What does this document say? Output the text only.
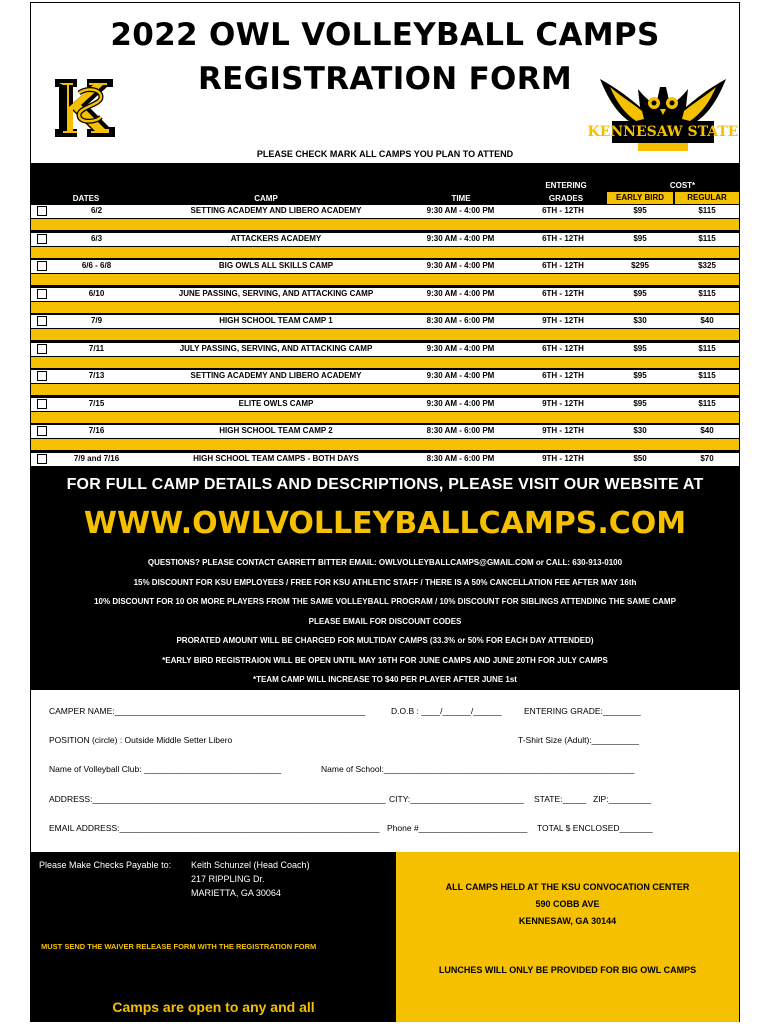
2022 OWL VOLLEYBALL CAMPS
REGISTRATION FORM
KENNESAW STATE
PLEASE CHECK MARK ALL CAMPS YOU PLAN TO ATTEND
ENTERING	COST*
DATES	CAMP	TIME	GRADES	EARLY BIRD	REGULAR
6/2	SETTING ACADEMY AND LIBERO ACADEMY	9:30 AM - 4:00 PM	6TH - 12TH	$95	$115
6/3	ATTACKERS ACADEMY	9:30 AM - 4:00 PM	6TH - 12TH	$95	$115
6/6 - 6/8	BIG OWLS ALL SKILLS CAMP	9:30 AM - 4:00 PM	6TH - 12TH	$295	$325
6/10	JUNE PASSING, SERVING, AND ATTACKING CAMP	9:30 AM - 4:00 PM	6TH - 12TH	$95	$115
7/9	HIGH SCHOOL TEAM CAMP 1	8:30 AM - 6:00 PM	9TH - 12TH	$30	$40
7/11	JULY PASSING, SERVING, AND ATTACKING CAMP	9:30 AM - 4:00 PM	6TH - 12TH	$95	$115
7/13	SETTING ACADEMY AND LIBERO ACADEMY	9:30 AM - 4:00 PM	6TH - 12TH	$95	$115
7/15	ELITE OWLS CAMP	9:30 AM - 4:00 PM	9TH - 12TH	$95	$115
7/16	HIGH SCHOOL TEAM CAMP 2	8:30 AM - 6:00 PM	9TH - 12TH	$30	$40
7/9 and 7/16	HIGH SCHOOL TEAM CAMPS - BOTH DAYS	8:30 AM - 6:00 PM	9TH - 12TH	$50	$70
FOR FULL CAMP DETAILS AND DESCRIPTIONS, PLEASE VISIT OUR WEBSITE AT
WWW.OWLVOLLEYBALLCAMPS.COM
QUESTIONS? PLEASE CONTACT GARRETT BITTER EMAIL: OWLVOLLEYBALLCAMPS@GMAIL.COM or CALL: 630-913-0100
15% DISCOUNT FOR KSU EMPLOYEES / FREE FOR KSU ATHLETIC STAFF / THERE IS A 50% CANCELLATION FEE AFTER MAY 16th
10% DISCOUNT FOR 10 OR MORE PLAYERS FROM THE SAME VOLLEYBALL PROGRAM / 10% DISCOUNT FOR SIBLINGS ATTENDING THE SAME CAMP
PLEASE EMAIL FOR DISCOUNT CODES
PRORATED AMOUNT WILL BE CHARGED FOR MULTIDAY CAMPS (33.3% or 50% FOR EACH DAY ATTENDED)
*EARLY BIRD REGISTRAION WILL BE OPEN UNTIL MAY 16TH FOR JUNE CAMPS AND JUNE 20TH FOR JULY CAMPS
*TEAM CAMP WILL INCREASE TO $40 PER PLAYER AFTER JUNE 1st
CAMPER NAME:_____________________________________________________	D.O.B : ____/______/______	ENTERING GRADE:________
POSITION (circle) : Outside Middle Setter Libero	T-Shirt Size (Adult):__________
Name of Volleyball Club: _____________________________	Name of School:_____________________________________________________
ADDRESS:______________________________________________________________ CITY:________________________ STATE:_____ ZIP:_________
EMAIL ADDRESS:_______________________________________________________ Phone #_______________________ TOTAL $ ENCLOSED_______
Please Make Checks Payable to: Keith Schunzel (Head Coach)
217 RIPPLING Dr.
MARIETTA, GA 30064
MUST SEND THE WAIVER RELEASE FORM WITH THE REGISTRATION FORM
Camps are open to any and all
ALL CAMPS HELD AT THE KSU CONVOCATION CENTER
590 COBB AVE
KENNESAW, GA 30144
LUNCHES WILL ONLY BE PROVIDED FOR BIG OWL CAMPS
